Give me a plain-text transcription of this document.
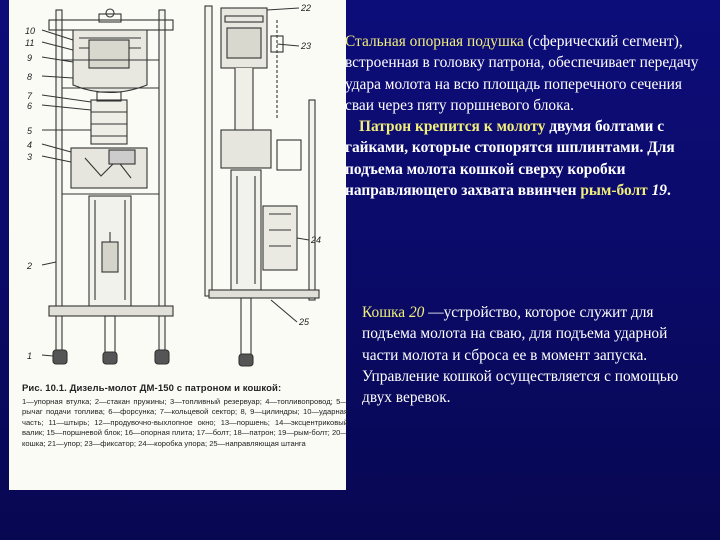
10
11
9
8
7
6
5
4
3
2
1
22
23
24
25
Рис. 10.1. Дизель-молот ДМ-150 с патроном и кошкой:
1—упорная втулка; 2—стакан пружины; 3—топливный резервуар; 4—топливопровод; 5—рычаг подачи топлива; 6—форсунка; 7—кольцевой сектор; 8, 9—цилиндры; 10—ударная часть; 11—штырь; 12—продувочно-выхлопное окно; 13—поршень; 14—эксцентриковый валик; 15—поршневой блок; 16—опорная плита; 17—болт; 18—патрон; 19—рым-болт; 20—кошка; 21—упор; 23—фиксатор; 24—коробка упора; 25—направляющая штанга
Стальная опорная подушка (сферический сегмент), встроенная в головку патрона, обеспечивает передачу удара молота на всю площадь поперечного сечения сваи через пяту поршневого блока.
Патрон крепится к молоту двумя болтами с гайками, которые стопорятся шплинтами. Для подъема молота кошкой сверху коробки направляющего захвата ввинчен рым-болт 19.
Кошка 20 —устройство, которое служит для подъема молота на сваю, для подъема ударной части молота и сброса ее в момент запуска. Управление кошкой осуществляется с помощью двух веревок.
